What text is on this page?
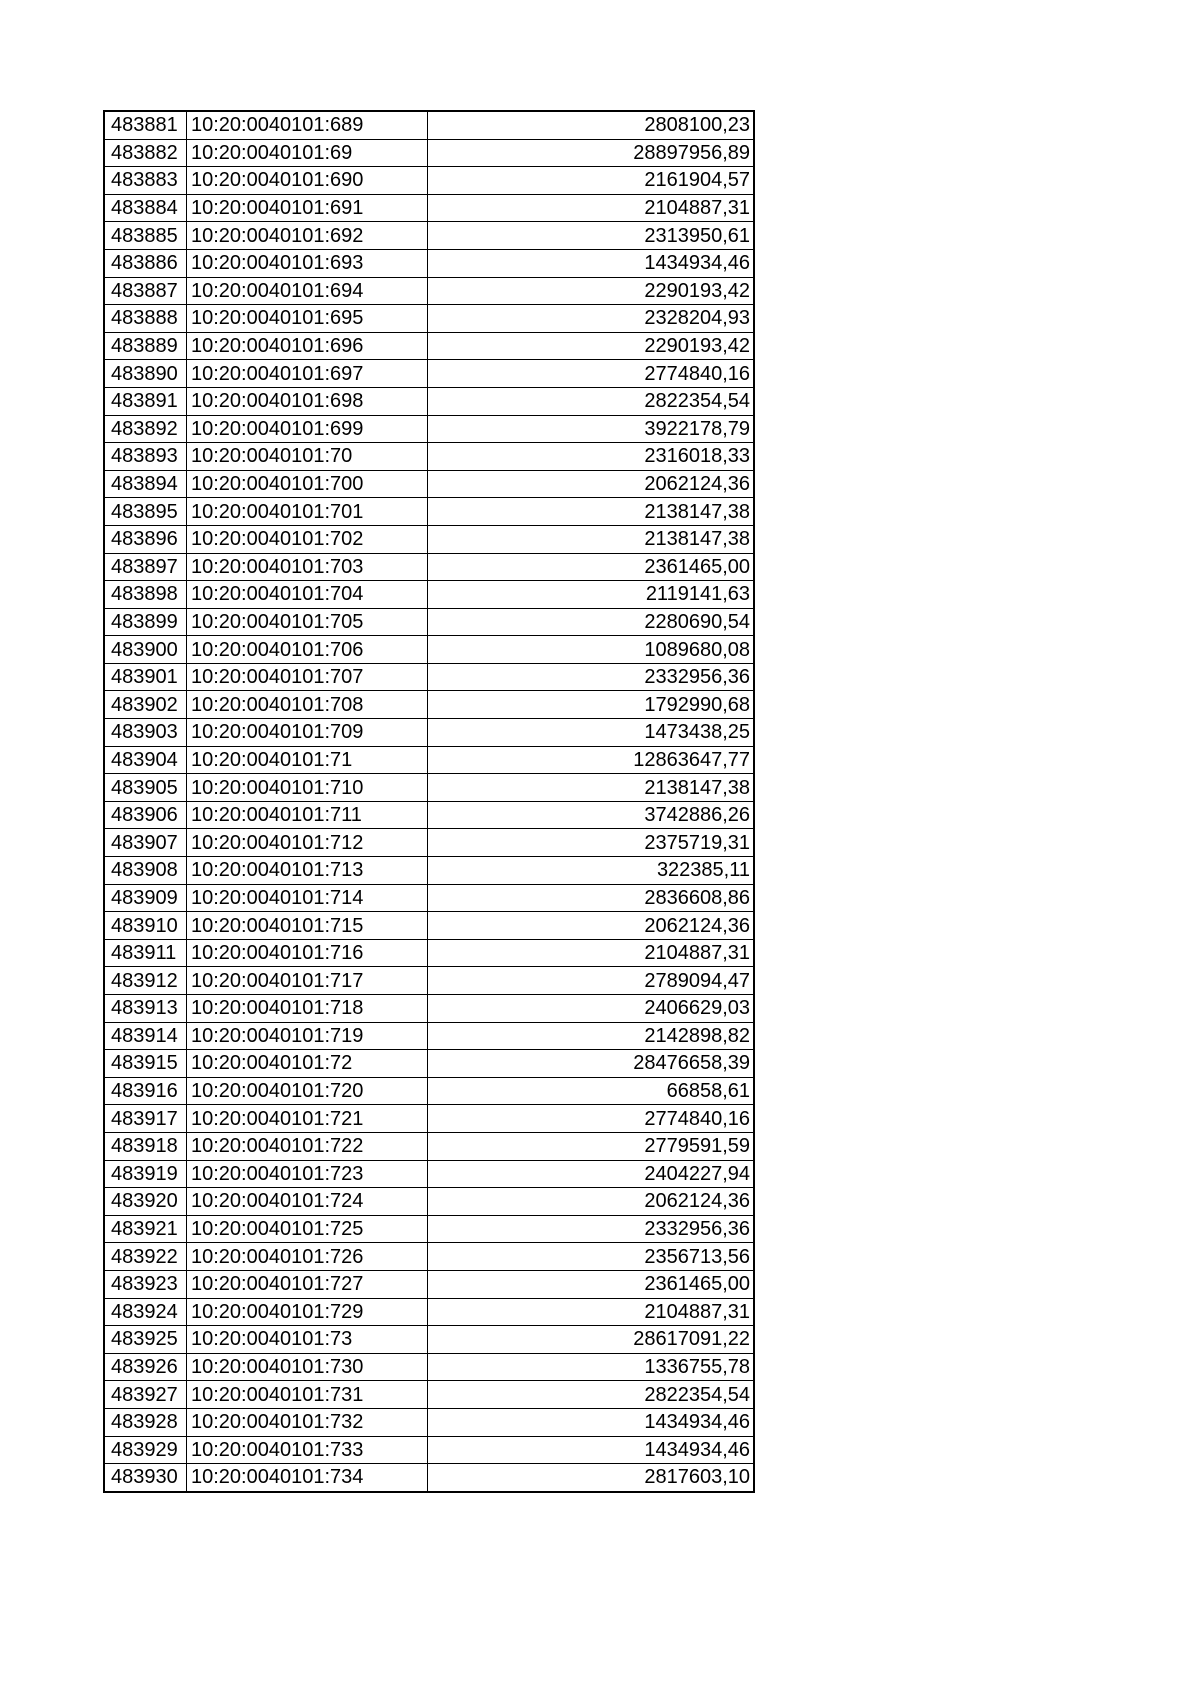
483881	10:20:0040101:689	2808100,23
483882	10:20:0040101:69	28897956,89
483883	10:20:0040101:690	2161904,57
483884	10:20:0040101:691	2104887,31
483885	10:20:0040101:692	2313950,61
483886	10:20:0040101:693	1434934,46
483887	10:20:0040101:694	2290193,42
483888	10:20:0040101:695	2328204,93
483889	10:20:0040101:696	2290193,42
483890	10:20:0040101:697	2774840,16
483891	10:20:0040101:698	2822354,54
483892	10:20:0040101:699	3922178,79
483893	10:20:0040101:70	2316018,33
483894	10:20:0040101:700	2062124,36
483895	10:20:0040101:701	2138147,38
483896	10:20:0040101:702	2138147,38
483897	10:20:0040101:703	2361465,00
483898	10:20:0040101:704	2119141,63
483899	10:20:0040101:705	2280690,54
483900	10:20:0040101:706	1089680,08
483901	10:20:0040101:707	2332956,36
483902	10:20:0040101:708	1792990,68
483903	10:20:0040101:709	1473438,25
483904	10:20:0040101:71	12863647,77
483905	10:20:0040101:710	2138147,38
483906	10:20:0040101:711	3742886,26
483907	10:20:0040101:712	2375719,31
483908	10:20:0040101:713	322385,11
483909	10:20:0040101:714	2836608,86
483910	10:20:0040101:715	2062124,36
483911	10:20:0040101:716	2104887,31
483912	10:20:0040101:717	2789094,47
483913	10:20:0040101:718	2406629,03
483914	10:20:0040101:719	2142898,82
483915	10:20:0040101:72	28476658,39
483916	10:20:0040101:720	66858,61
483917	10:20:0040101:721	2774840,16
483918	10:20:0040101:722	2779591,59
483919	10:20:0040101:723	2404227,94
483920	10:20:0040101:724	2062124,36
483921	10:20:0040101:725	2332956,36
483922	10:20:0040101:726	2356713,56
483923	10:20:0040101:727	2361465,00
483924	10:20:0040101:729	2104887,31
483925	10:20:0040101:73	28617091,22
483926	10:20:0040101:730	1336755,78
483927	10:20:0040101:731	2822354,54
483928	10:20:0040101:732	1434934,46
483929	10:20:0040101:733	1434934,46
483930	10:20:0040101:734	2817603,10
